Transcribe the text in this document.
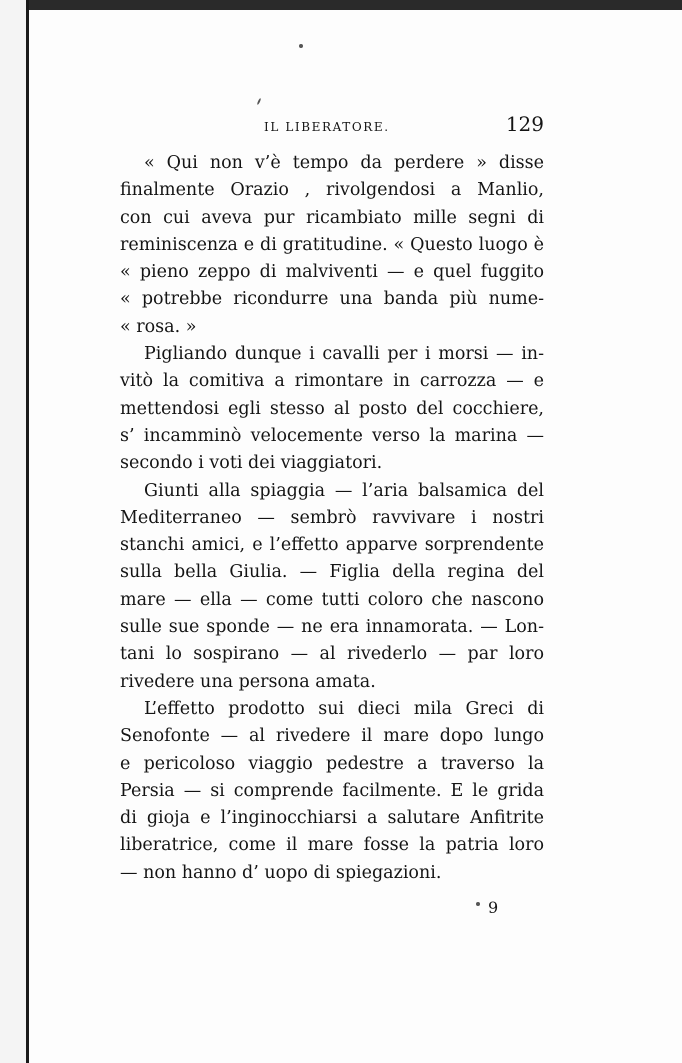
IL LIBERATORE.	129
« Qui non v’è tempo da perdere » disse
finalmente Orazio , rivolgendosi a Manlio,
con cui aveva pur ricambiato mille segni di
reminiscenza e di gratitudine. « Questo luogo è
« pieno zeppo di malviventi — e quel fuggito
« potrebbe ricondurre una banda più nume-
« rosa. »
Pigliando dunque i cavalli per i morsi — in-
vitò la comitiva a rimontare in carrozza — e
mettendosi egli stesso al posto del cocchiere,
s’ incamminò velocemente verso la marina —
secondo i voti dei viaggiatori.
Giunti alla spiaggia — l’aria balsamica del
Mediterraneo — sembrò ravvivare i nostri
stanchi amici, e l’effetto apparve sorprendente
sulla bella Giulia. — Figlia della regina del
mare — ella — come tutti coloro che nascono
sulle sue sponde — ne era innamorata. — Lon-
tani lo sospirano — al rivederlo — par loro
rivedere una persona amata.
L’effetto prodotto sui dieci mila Greci di
Senofonte — al rivedere il mare dopo lungo
e pericoloso viaggio pedestre a traverso la
Persia — si comprende facilmente. E le grida
di gioja e l’inginocchiarsi a salutare Anfitrite
liberatrice, come il mare fosse la patria loro
— non hanno d’ uopo di spiegazioni.
9
